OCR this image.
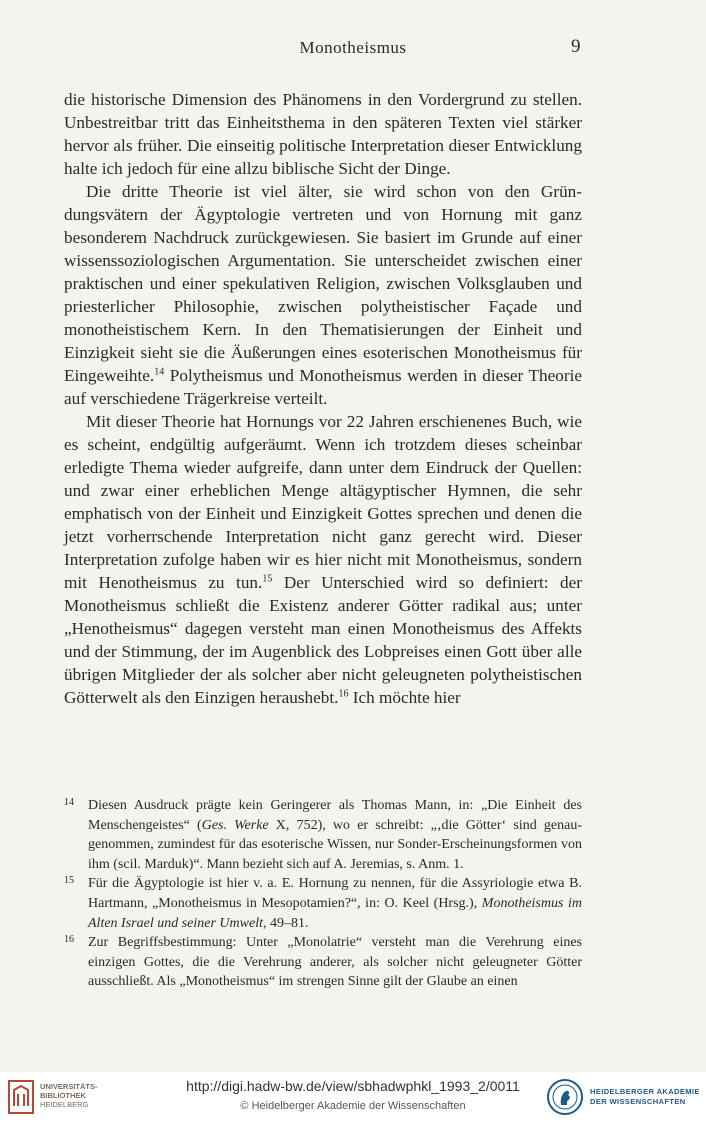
Monotheismus	9

die historische Dimension des Phänomens in den Vordergrund zu stellen. Unbestreitbar tritt das Einheitsthema in den späteren Texten viel stärker hervor als früher. Die einseitig politische Interpretation dieser Entwicklung halte ich jedoch für eine allzu biblische Sicht der Dinge.

Die dritte Theorie ist viel älter, sie wird schon von den Gründungsvätern der Ägyptologie vertreten und von Hornung mit ganz besonderem Nachdruck zurückgewiesen. Sie basiert im Grunde auf einer wissenssoziologischen Argumentation. Sie unterscheidet zwischen einer praktischen und einer spekulativen Religion, zwischen Volksglauben und priesterlicher Philosophie, zwischen polytheistischer Façade und monotheistischem Kern. In den Thematisierungen der Einheit und Einzigkeit sieht sie die Äußerungen eines esoterischen Monotheismus für Eingeweihte.$^{14}$ Polytheismus und Monotheismus werden in dieser Theorie auf verschiedene Trägerkreise verteilt.

Mit dieser Theorie hat Hornungs vor 22 Jahren erschienenes Buch, wie es scheint, endgültig aufgeräumt. Wenn ich trotzdem dieses scheinbar erledigte Thema wieder aufgreife, dann unter dem Eindruck der Quellen: und zwar einer erheblichen Menge altägyptischer Hymnen, die sehr emphatisch von der Einheit und Einzigkeit Gottes sprechen und denen die jetzt vorherrschende Interpretation nicht ganz gerecht wird. Dieser Interpretation zufolge haben wir es hier nicht mit Monotheismus, sondern mit Henotheismus zu tun.$^{15}$ Der Unterschied wird so definiert: der Monotheismus schließt die Existenz anderer Götter radikal aus; unter „Henotheismus“ dagegen versteht man einen Monotheismus des Affekts und der Stimmung, der im Augenblick des Lobpreises einen Gott über alle übrigen Mitglieder der als solcher aber nicht geleugneten polytheistischen Götterwelt als den Einzigen heraushebt.$^{16}$ Ich möchte hier

14 Diesen Ausdruck prägte kein Geringerer als Thomas Mann, in: „Die Einheit des Menschengeistes“ (Ges. Werke X, 752), wo er schreibt: „‚die Götter‘ sind genaugenommen, zumindest für das esoterische Wissen, nur Sonder-Erscheinungsformen von ihm (scil. Marduk)“. Mann bezieht sich auf A. Jeremias, s. Anm. 1.

15 Für die Ägyptologie ist hier v. a. E. Hornung zu nennen, für die Assyriologie etwa B. Hartmann, „Monotheismus in Mesopotamien?“, in: O. Keel (Hrsg.), Monotheismus im Alten Israel und seiner Umwelt, 49–81.

16 Zur Begriffsbestimmung: Unter „Monolatrie“ versteht man die Verehrung eines einzigen Gottes, die die Verehrung anderer, als solcher nicht geleugneter Götter ausschließt. Als „Monotheismus“ im strengen Sinne gilt der Glaube an einen

UNIVERSITÄTS-
BIBLIOTHEK
HEIDELBERG
http://digi.hadw-bw.de/view/sbhadwphkl_1993_2/0011
© Heidelberger Akademie der Wissenschaften
HEIDELBERGER AKADEMIE
DER WISSENSCHAFTEN
